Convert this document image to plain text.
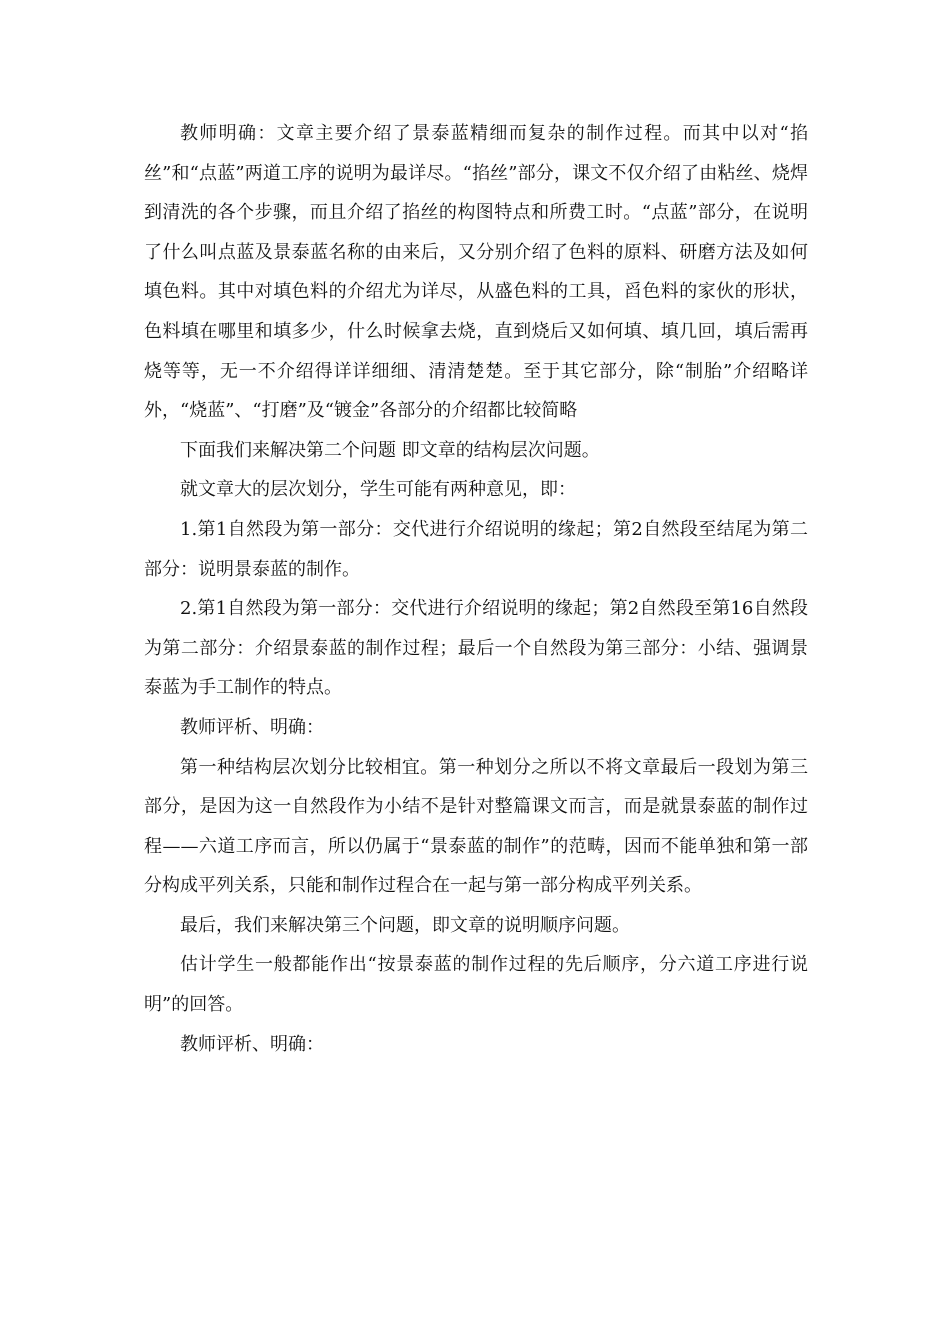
教师明确：文章主要介绍了景泰蓝精细而复杂的制作过程。而其中以对“掐丝”和“点蓝”两道工序的说明为最详尽。“掐丝”部分，课文不仅介绍了由粘丝、烧焊到清洗的各个步骤，而且介绍了掐丝的构图特点和所费工时。“点蓝”部分，在说明了什么叫点蓝及景泰蓝名称的由来后，又分别介绍了色料的原料、研磨方法及如何填色料。其中对填色料的介绍尤为详尽，从盛色料的工具，舀色料的家伙的形状，色料填在哪里和填多少，什么时候拿去烧，直到烧后又如何填、填几回，填后需再烧等等，无一不介绍得详详细细、清清楚楚。至于其它部分，除“制胎”介绍略详外，“烧蓝”、“打磨”及“镀金”各部分的介绍都比较简略

下面我们来解决第二个问题 即文章的结构层次问题。

就文章大的层次划分，学生可能有两种意见，即：

1.第1自然段为第一部分：交代进行介绍说明的缘起；第2自然段至结尾为第二部分：说明景泰蓝的制作。

2.第1自然段为第一部分：交代进行介绍说明的缘起；第2自然段至第16自然段为第二部分：介绍景泰蓝的制作过程；最后一个自然段为第三部分：小结、强调景泰蓝为手工制作的特点。

教师评析、明确：

第一种结构层次划分比较相宜。第一种划分之所以不将文章最后一段划为第三部分，是因为这一自然段作为小结不是针对整篇课文而言，而是就景泰蓝的制作过程——六道工序而言，所以仍属于“景泰蓝的制作”的范畴，因而不能单独和第一部分构成平列关系，只能和制作过程合在一起与第一部分构成平列关系。

最后，我们来解决第三个问题，即文章的说明顺序问题。

估计学生一般都能作出“按景泰蓝的制作过程的先后顺序，分六道工序进行说明”的回答。

教师评析、明确：
